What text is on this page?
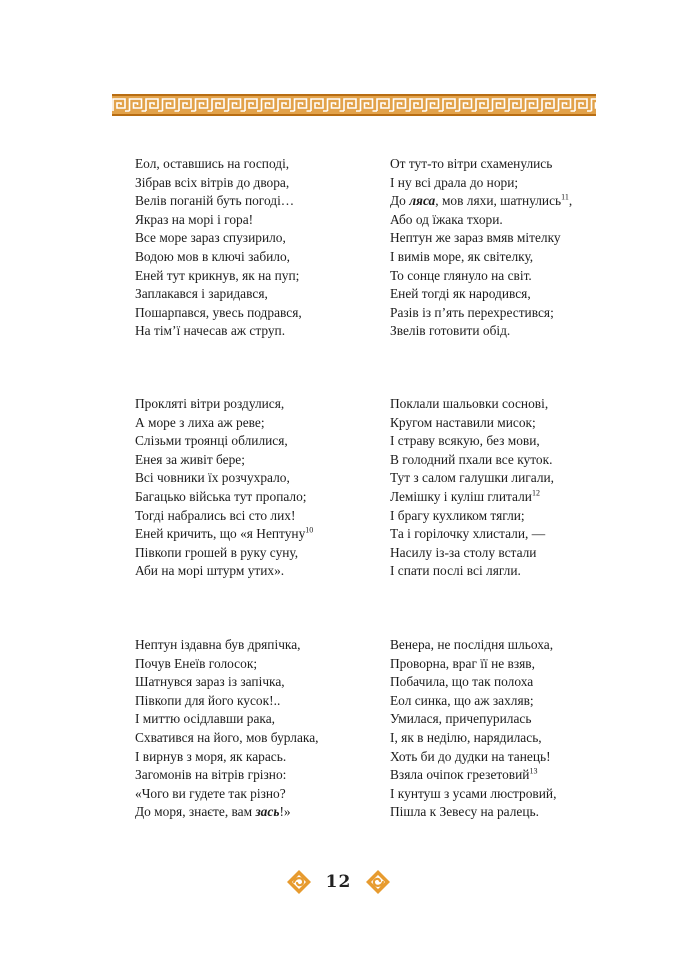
Еол, оставшись на господі,
Зібрав всіх вітрів до двора,
Велів поганій буть погоді…
Якраз на морі і гора!
Все море зараз спузирило,
Водою мов в ключі забило,
Еней тут крикнув, як на пуп;
Заплакався і заридався,
Пошарпався, увесь подрався,
На тім’ї начесав аж струп.
От тут-то вітри схаменулись
І ну всі драла до нори;
До ляса, мов ляхи, шатнулись$^{11}$,
Або од їжака тхори.
Нептун же зараз вмяв мітелку
І вимів море, як світелку,
То сонце глянуло на світ.
Еней тогді як народився,
Разів із п’ять перехрестився;
Звелів готовити обід.
Прокляті вітри роздулися,
А море з лиха аж реве;
Слізьми троянці облилися,
Енея за живіт бере;
Всі човники їх розчухрало,
Багацько війська тут пропало;
Тогді набрались всі сто лих!
Еней кричить, що «я Нептуну$^{10}$
Півкопи грошей в руку суну,
Аби на морі штурм утих».
Поклали шальовки соснові,
Кругом наставили мисок;
І страву всякую, без мови,
В голодний пхали все куток.
Тут з салом галушки лигали,
Лемішку і куліш глитали$^{12}$
І брагу кухликом тягли;
Та і горілочку хлистали, —
Насилу із-за столу встали
І спати послі всі лягли.
Нептун іздавна був дряпічка,
Почув Енеїв голосок;
Шатнувся зараз із запічка,
Півкопи для його кусок!..
І миттю осідлавши рака,
Схватився на його, мов бурлака,
І вирнув з моря, як карась.
Загомонів на вітрів грізно:
«Чого ви гудете так різно?
До моря, знаєте, вам зась!»
Венера, не послідня шльоха,
Проворна, враг її не взяв,
Побачила, що так полоха
Еол синка, що аж захляв;
Умилася, причепурилась
І, як в неділю, нарядилась,
Хоть би до дудки на танець!
Взяла очіпок грезетовий$^{13}$
І кунтуш з усами люстровий,
Пішла к Зевесу на ралець.
12
